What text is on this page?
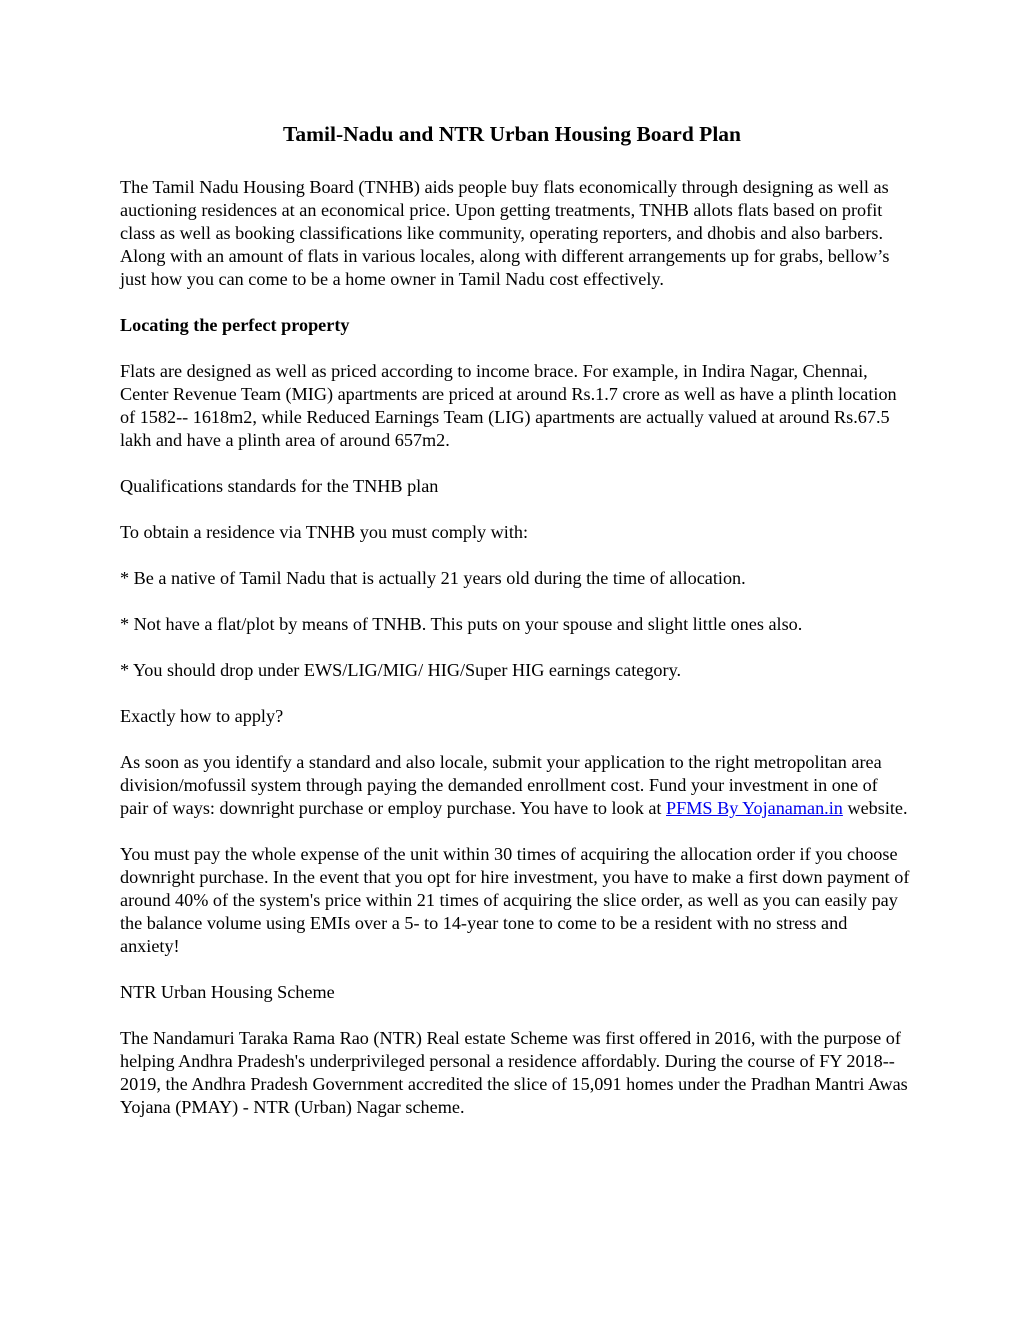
Tamil-Nadu and NTR Urban Housing Board Plan

The Tamil Nadu Housing Board (TNHB) aids people buy flats economically through designing as well as auctioning residences at an economical price. Upon getting treatments, TNHB allots flats based on profit class as well as booking classifications like community, operating reporters, and dhobis and also barbers. Along with an amount of flats in various locales, along with different arrangements up for grabs, bellow’s just how you can come to be a home owner in Tamil Nadu cost effectively.

Locating the perfect property

Flats are designed as well as priced according to income brace. For example, in Indira Nagar, Chennai, Center Revenue Team (MIG) apartments are priced at around Rs.1.7 crore as well as have a plinth location of 1582-- 1618m2, while Reduced Earnings Team (LIG) apartments are actually valued at around Rs.67.5 lakh and have a plinth area of around 657m2.

Qualifications standards for the TNHB plan

To obtain a residence via TNHB you must comply with:

* Be a native of Tamil Nadu that is actually 21 years old during the time of allocation.

* Not have a flat/plot by means of TNHB. This puts on your spouse and slight little ones also.

* You should drop under EWS/LIG/MIG/ HIG/Super HIG earnings category.

Exactly how to apply?

As soon as you identify a standard and also locale, submit your application to the right metropolitan area division/mofussil system through paying the demanded enrollment cost. Fund your investment in one of pair of ways: downright purchase or employ purchase. You have to look at PFMS By Yojanaman.in website.

You must pay the whole expense of the unit within 30 times of acquiring the allocation order if you choose downright purchase. In the event that you opt for hire investment, you have to make a first down payment of around 40% of the system's price within 21 times of acquiring the slice order, as well as you can easily pay the balance volume using EMIs over a 5- to 14-year tone to come to be a resident with no stress and anxiety!

NTR Urban Housing Scheme

The Nandamuri Taraka Rama Rao (NTR) Real estate Scheme was first offered in 2016, with the purpose of helping Andhra Pradesh's underprivileged personal a residence affordably. During the course of FY 2018-- 2019, the Andhra Pradesh Government accredited the slice of 15,091 homes under the Pradhan Mantri Awas Yojana (PMAY) - NTR (Urban) Nagar scheme.
